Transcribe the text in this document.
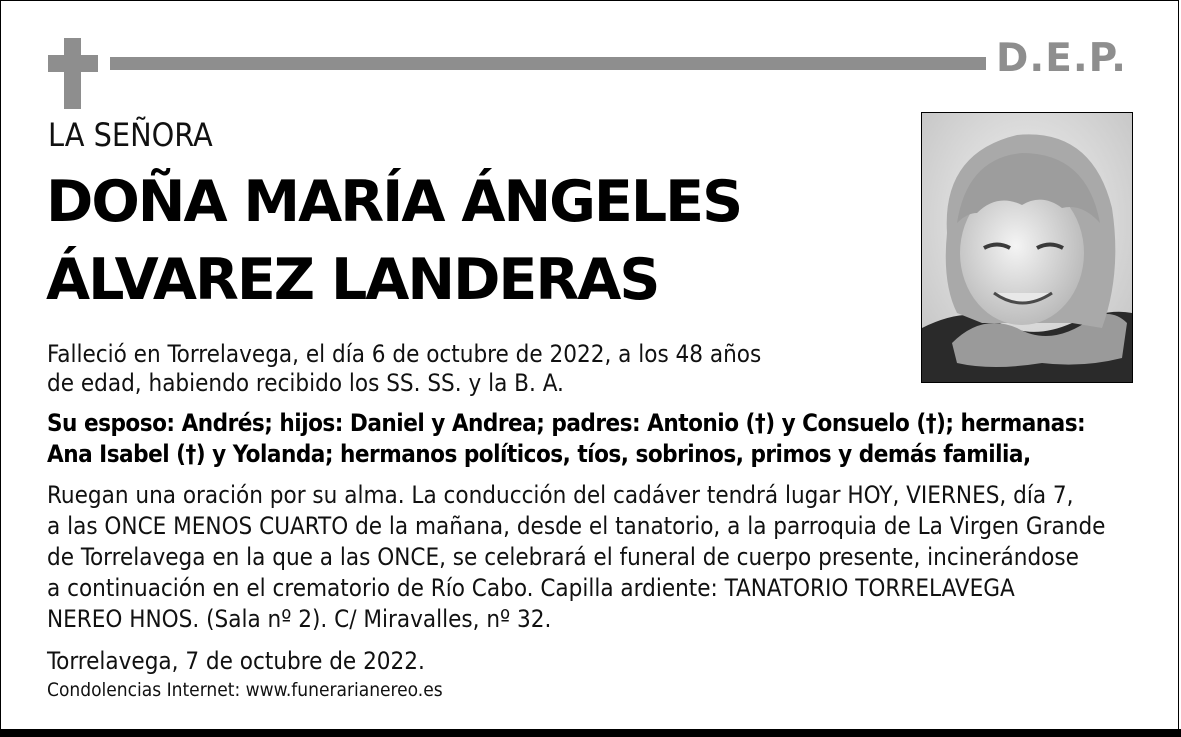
D.E.P.
LA SEÑORA
DOÑA MARÍA ÁNGELES
ÁLVAREZ LANDERAS
Falleció en Torrelavega, el día 6 de octubre de 2022, a los 48 años
de edad, habiendo recibido los SS. SS. y la B. A.
Su esposo: Andrés; hijos: Daniel y Andrea; padres: Antonio (†) y Consuelo (†); hermanas:
Ana Isabel (†) y Yolanda; hermanos políticos, tíos, sobrinos, primos y demás familia,
Ruegan una oración por su alma. La conducción del cadáver tendrá lugar HOY, VIERNES, día 7,
a las ONCE MENOS CUARTO de la mañana, desde el tanatorio, a la parroquia de La Virgen Grande
de Torrelavega en la que a las ONCE, se celebrará el funeral de cuerpo presente, incinerándose
a continuación en el crematorio de Río Cabo. Capilla ardiente: TANATORIO TORRELAVEGA
NEREO HNOS. (Sala nº 2). C/ Miravalles, nº 32.
Torrelavega, 7 de octubre de 2022.
Condolencias Internet: www.funerarianereo.es
